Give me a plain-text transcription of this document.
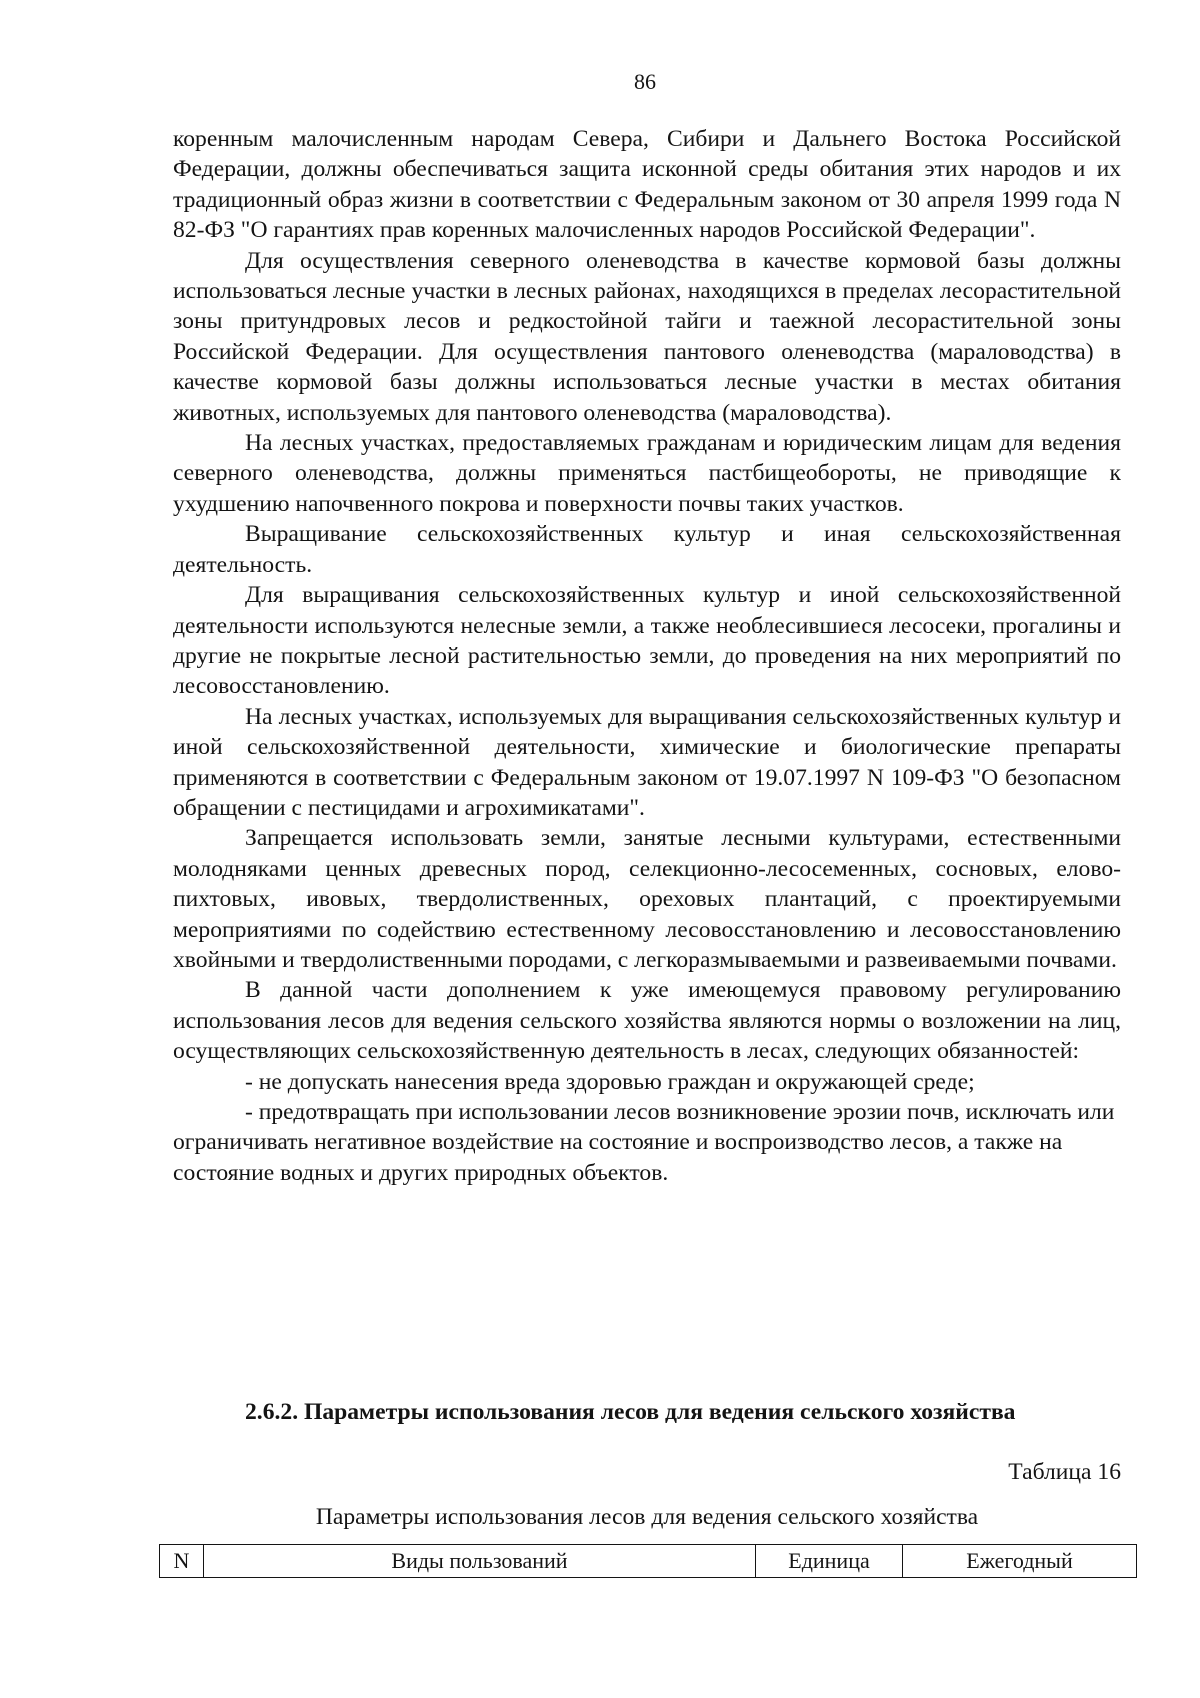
86

коренным малочисленным народам Севера, Сибири и Дальнего Востока Российской Федерации, должны обеспечиваться защита исконной среды обитания этих народов и их традиционный образ жизни в соответствии с Федеральным законом от 30 апреля 1999 года N 82-ФЗ "О гарантиях прав коренных малочисленных народов Российской Федерации".

Для осуществления северного оленеводства в качестве кормовой базы должны использоваться лесные участки в лесных районах, находящихся в пределах лесорастительной зоны притундровых лесов и редкостойной тайги и таежной лесорастительной зоны Российской Федерации. Для осуществления пантового оленеводства (мараловодства) в качестве кормовой базы должны использоваться лесные участки в местах обитания животных, используемых для пантового оленеводства (мараловодства).

На лесных участках, предоставляемых гражданам и юридическим лицам для ведения северного оленеводства, должны применяться пастбищеобороты, не приводящие к ухудшению напочвенного покрова и поверхности почвы таких участков.

Выращивание сельскохозяйственных культур и иная сельскохозяйственная деятельность.

Для выращивания сельскохозяйственных культур и иной сельскохозяйственной деятельности используются нелесные земли, а также необлесившиеся лесосеки, прогалины и другие не покрытые лесной растительностью земли, до проведения на них мероприятий по лесовосстановлению.

На лесных участках, используемых для выращивания сельскохозяйственных культур и иной сельскохозяйственной деятельности, химические и биологические препараты применяются в соответствии с Федеральным законом от 19.07.1997 N 109-ФЗ "О безопасном обращении с пестицидами и агрохимикатами".

Запрещается использовать земли, занятые лесными культурами, естественными молодняками ценных древесных пород, селекционно-лесосеменных, сосновых, елово-пихтовых, ивовых, твердолиственных, ореховых плантаций, с проектируемыми мероприятиями по содействию естественному лесовосстановлению и лесовосстановлению хвойными и твердолиственными породами, с легкоразмываемыми и развеиваемыми почвами.

В данной части дополнением к уже имеющемуся правовому регулированию использования лесов для ведения сельского хозяйства являются нормы о возложении на лиц, осуществляющих сельскохозяйственную деятельность в лесах, следующих обязанностей:

- не допускать нанесения вреда здоровью граждан и окружающей среде;

- предотвращать при использовании лесов возникновение эрозии почв, исключать или ограничивать негативное воздействие на состояние и воспроизводство лесов, а также на состояние водных и других природных объектов.

2.6.2. Параметры использования лесов для ведения сельского хозяйства
Таблица 16
Параметры использования лесов для ведения сельского хозяйства
N	Виды пользований	Единица	Ежегодный
